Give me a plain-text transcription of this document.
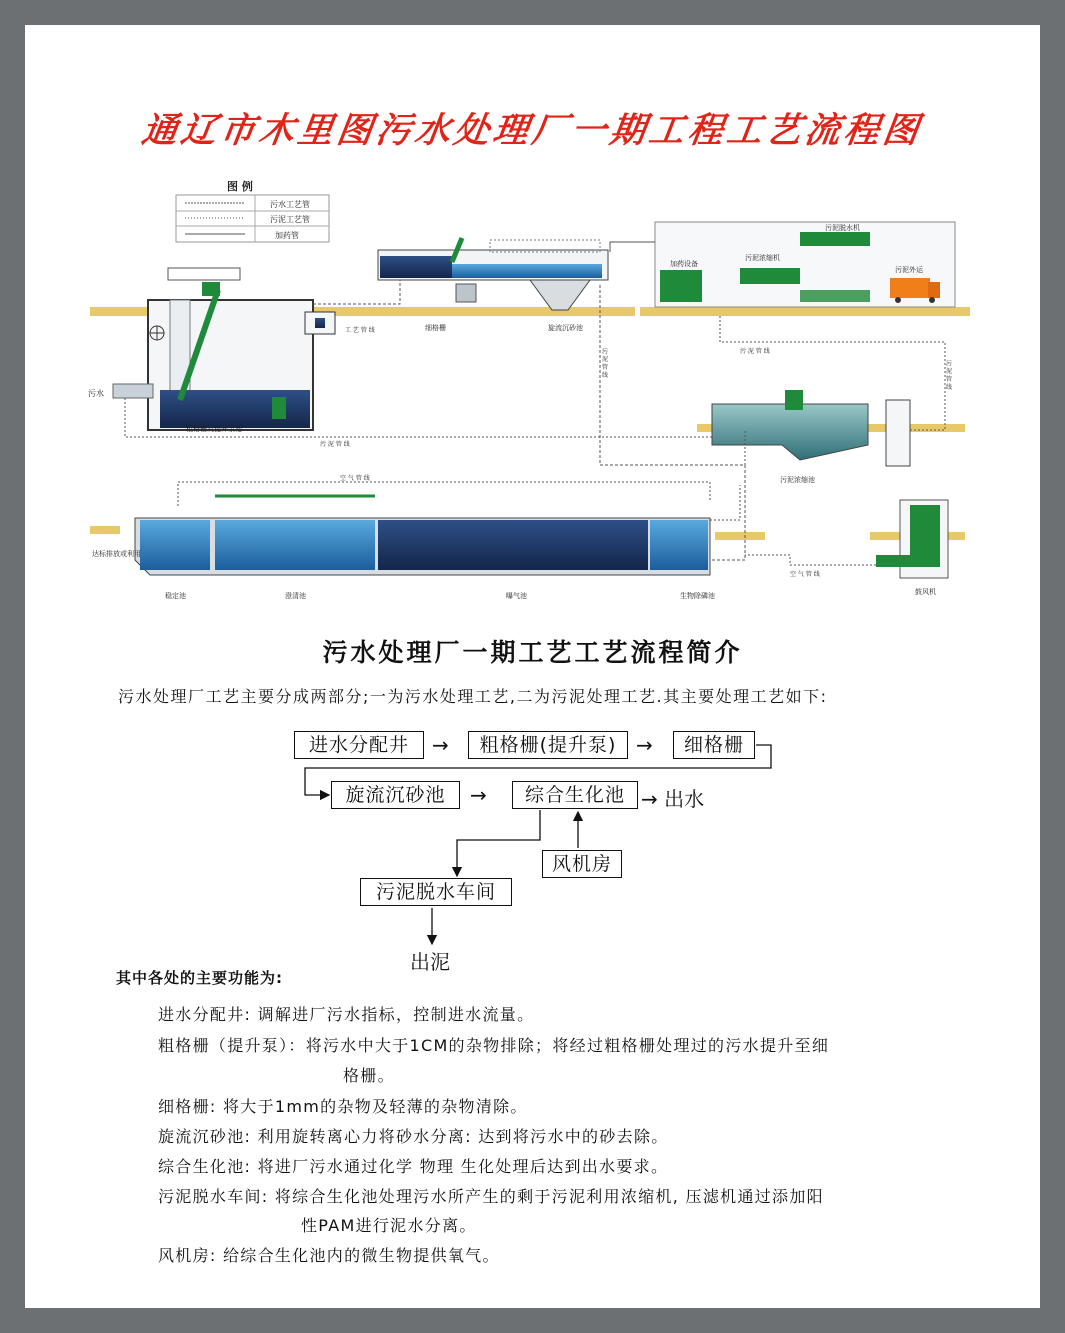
通辽市木里图污水处理厂一期工程工艺流程图
图 例
污水工艺管
污泥工艺管
加药管
污水
粗格栅及提升泵池
细格栅	旋流沉砂池
工 艺 管 线
加药设备
污泥浓缩机
污泥脱水机
污泥外运
污泥浓缩池
稳定池	澄清池	曝气池	生物除磷池
达标排放或利用
空 气 管 线
鼓风机
空 气 管 线
污 泥 管 线
污 泥 管 线
污 泥 管 线
污 泥 管 线
污水处理厂一期工艺工艺流程简介
污水处理厂工艺主要分成两部分;一为污水处理工艺,二为污泥处理工艺.其主要处理工艺如下:
进水分配井	→	粗格栅(提升泵) →	细格栅
旋流沉砂池	→	综合生化池 → 出水
风机房
污泥脱水车间
出泥
其中各处的主要功能为:
进水分配井: 调解进厂污水指标，控制进水流量。
粗格栅（提升泵）：将污水中大于1CM的杂物排除；将经过粗格栅处理过的污水提升至细
格栅。
细格栅: 将大于1mm的杂物及轻薄的杂物清除。
旋流沉砂池: 利用旋转离心力将砂水分离: 达到将污水中的砂去除。
综合生化池: 将进厂污水通过化学 物理 生化处理后达到出水要求。
污泥脱水车间: 将综合生化池处理污水所产生的剩于污泥利用浓缩机, 压滤机通过添加阳
性PAM进行泥水分离。
风机房: 给综合生化池内的微生物提供氧气。
